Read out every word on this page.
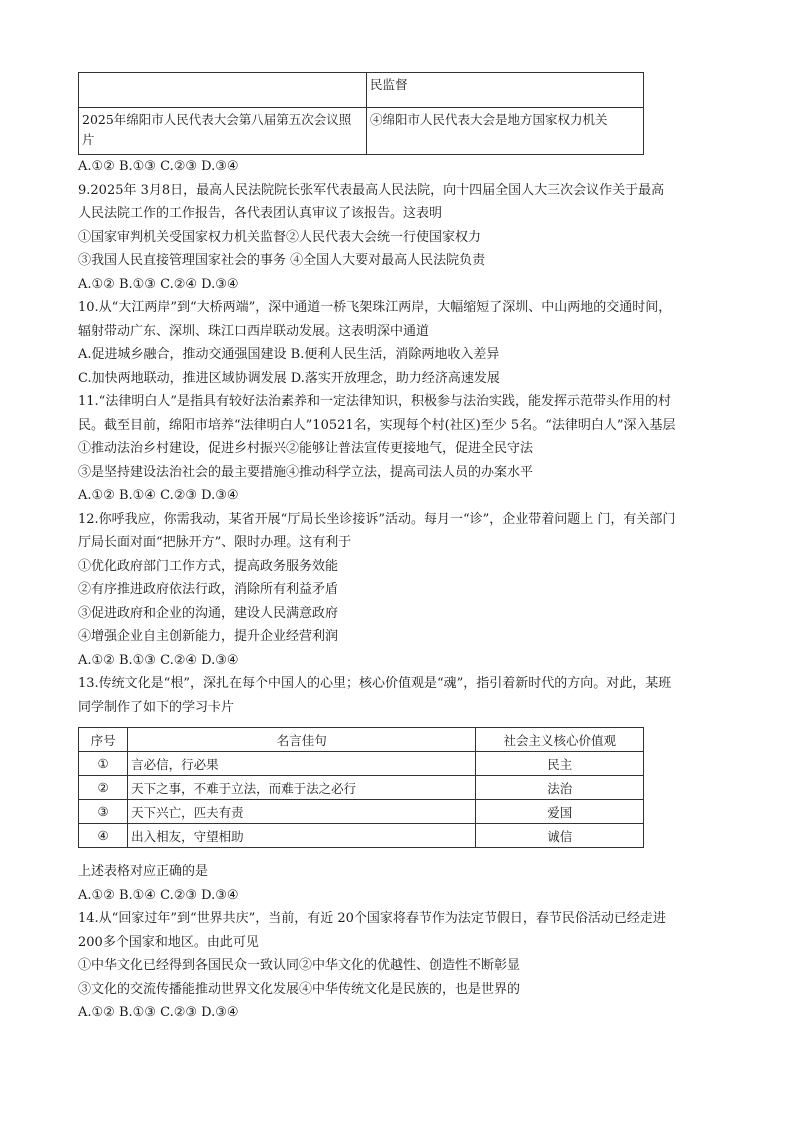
	民监督
2025年绵阳市人民代表大会第八届第五次会议照片	④绵阳市人民代表大会是地方国家权力机关

A.①② B.①③ C.②③ D.③④

9.2025年 3月8日，最高人民法院院长张军代表最高人民法院，向十四届全国人大三次会议作关于最高

人民法院工作的工作报告，各代表团认真审议了该报告。这表明

①国家审判机关受国家权力机关监督②人民代表大会统一行使国家权力

③我国人民直接管理国家社会的事务 ④全国人大要对最高人民法院负责

A.①② B.①③ C.②④ D.③④

10.从“大江两岸”到“大桥两端”，深中通道一桥飞架珠江两岸，大幅缩短了深圳、中山两地的交通时间，

辐射带动广东、深圳、珠江口西岸联动发展。这表明深中通道

A.促进城乡融合，推动交通强国建设 B.便利人民生活，消除两地收入差异

C.加快两地联动，推进区域协调发展 D.落实开放理念，助力经济高速发展

11.“法律明白人”是指具有较好法治素养和一定法律知识，积极参与法治实践，能发挥示范带头作用的村

民。截至目前，绵阳市培养“法律明白人”10521名，实现每个村(社区)至少 5名。“法律明白人”深入基层

①推动法治乡村建设，促进乡村振兴②能够让普法宣传更接地气，促进全民守法

③是坚持建设法治社会的最主要措施④推动科学立法，提高司法人员的办案水平

A.①② B.①④ C.②③ D.③④

12.你呼我应，你需我动，某省开展“厅局长坐诊接诉”活动。每月一“诊”，企业带着问题上 门，有关部门

厅局长面对面“把脉开方”、限时办理。这有利于

①优化政府部门工作方式，提高政务服务效能

②有序推进政府依法行政，消除所有利益矛盾

③促进政府和企业的沟通，建设人民满意政府

④增强企业自主创新能力，提升企业经营利润

A.①② B.①③ C.②④ D.③④

13.传统文化是“根”，深扎在每个中国人的心里；核心价值观是“魂”，指引着新时代的方向。对此，某班

同学制作了如下的学习卡片

序号	名言佳句	社会主义核心价值观
①	言必信，行必果	民主
②	天下之事，不难于立法，而难于法之必行	法治
③	天下兴亡，匹夫有责	爱国
④	出入相友，守望相助	诚信

上述表格对应正确的是

A.①② B.①④ C.②③ D.③④

14.从“回家过年”到“世界共庆”，当前，有近 20个国家将春节作为法定节假日，春节民俗活动已经走进

200多个国家和地区。由此可见

①中华文化已经得到各国民众一致认同②中华文化的优越性、创造性不断彰显

③文化的交流传播能推动世界文化发展④中华传统文化是民族的，也是世界的

A.①② B.①③ C.②③ D.③④
